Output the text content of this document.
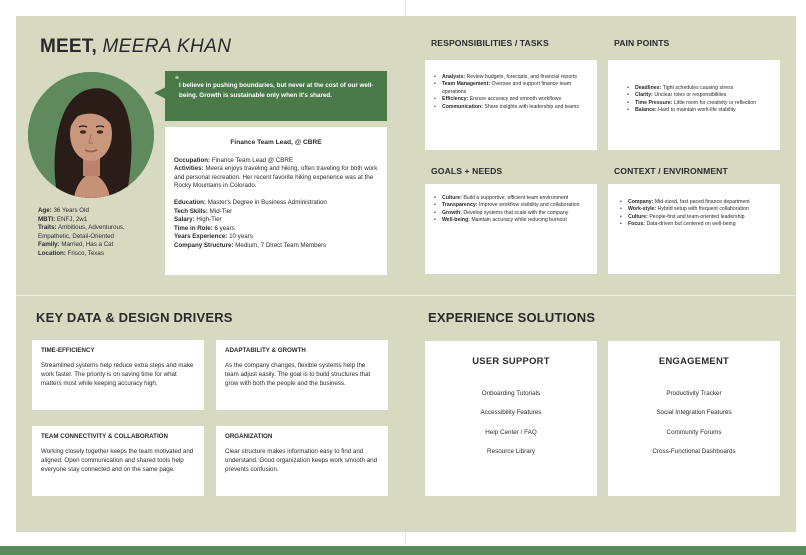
MEET, MEERA KHAN
“
I believe in pushing boundaries, but never at the cost of our well-being. Growth is sustainable only when it's shared.
Finance Team Lead, @ CBRE
Occupation: Finance Team Lead @ CBRE
Activities: Meera enjoys traveling and hiking, often traveling for both work and personal recreation. Her recent favorite hiking experience was at the Rocky Mountains in Colorado.
Education: Master's Degree in Business Administration
Tech Skills: Mid-Tier
Salary: High-Tier
Time in Role: 6 years
Years Experience: 10 years
Company Structure: Medium, 7 Direct Team Members
Age: 36 Years Old
MBTI: ENFJ, 2w1
Traits: Ambitious, Adventurous, Empathetic, Detail-Oriented
Family: Married, Has a Cat
Location: Frisco, Texas
RESPONSIBILITIES / TASKS
• Analysis: Review budgets, forecasts, and financial reports
• Team Management: Oversee and support finance team operations
• Efficiency: Ensure accuracy and smooth workflows
• Communication: Share insights with leadership and teams
PAIN POINTS
• Deadlines: Tight schedules causing stress
• Clarity: Unclear roles or responsibilities
• Time Pressure: Little room for creativity or reflection
• Balance: Hard to maintain work-life stability
GOALS + NEEDS
• Culture: Build a supportive, efficient team environment
• Transparency: Improve workflow visibility and collaboration
• Growth: Develop systems that scale with the company
• Well-being: Maintain accuracy while reducing burnout
CONTEXT / ENVIRONMENT
• Company: Mid-sized, fast paced finance department
• Work-style: Hybrid setup with frequent collaboration
• Culture: People-first and team-oriented leadership
• Focus: Data-driven but centered on well-being
KEY DATA & DESIGN DRIVERS
TIME-EFFICIENCY
Streamlined systems help reduce extra steps and make work faster. The priority is on saving time for what matters most while keeping accuracy high.
ADAPTABILITY & GROWTH
As the company changes, flexible systems help the team adjust easily. The goal is to build structures that grow with both the people and the business.
TEAM CONNECTIVITY & COLLABORATION
Working closely together keeps the team motivated and aligned. Open communication and shared tools help everyone stay connected and on the same page.
ORGANIZATION
Clear structure makes information easy to find and understand. Good organization keeps work smooth and prevents confusion.
EXPERIENCE SOLUTIONS
USER SUPPORT
Onboarding Tutorials
Accessibility Features
Help Center / FAQ
Resource Library
ENGAGEMENT
Productivity Tracker
Social Integration Features
Community Forums
Cross-Functional Dashboards
